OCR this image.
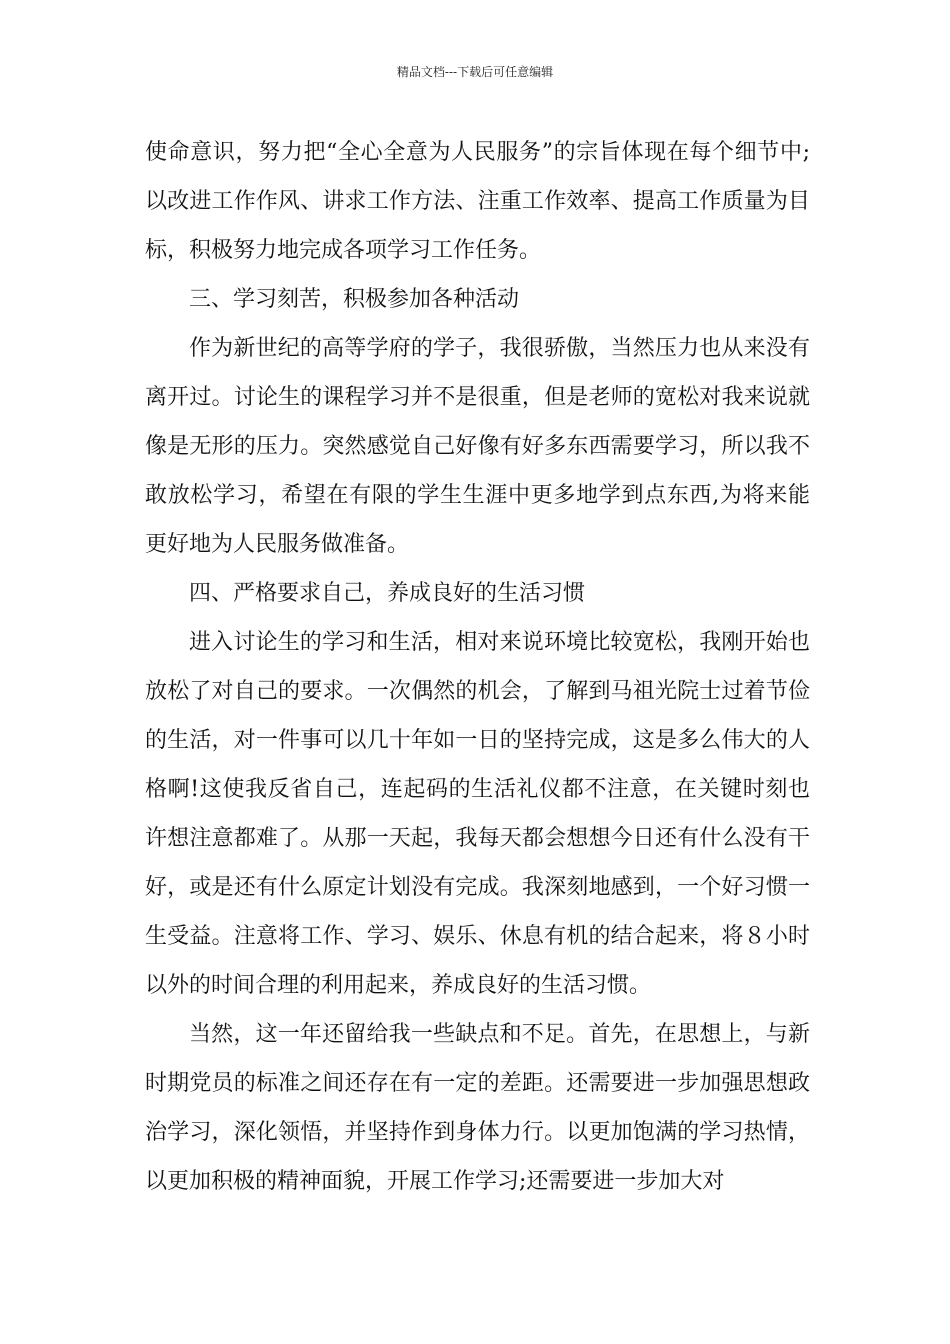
精品文档---下载后可任意编辑

使命意识，努力把“全心全意为人民服务”的宗旨体现在每个细节中;以改进工作作风、讲求工作方法、注重工作效率、提高工作质量为目标，积极努力地完成各项学习工作任务。

三、学习刻苦，积极参加各种活动

作为新世纪的高等学府的学子，我很骄傲，当然压力也从来没有离开过。讨论生的课程学习并不是很重，但是老师的宽松对我来说就像是无形的压力。突然感觉自己好像有好多东西需要学习，所以我不敢放松学习，希望在有限的学生生涯中更多地学到点东西,为将来能更好地为人民服务做准备。

四、严格要求自己，养成良好的生活习惯

进入讨论生的学习和生活，相对来说环境比较宽松，我刚开始也放松了对自己的要求。一次偶然的机会，了解到马祖光院士过着节俭的生活，对一件事可以几十年如一日的坚持完成，这是多么伟大的人格啊!这使我反省自己，连起码的生活礼仪都不注意，在关键时刻也许想注意都难了。从那一天起，我每天都会想想今日还有什么没有干好，或是还有什么原定计划没有完成。我深刻地感到，一个好习惯一生受益。注意将工作、学习、娱乐、休息有机的结合起来，将８小时以外的时间合理的利用起来，养成良好的生活习惯。

当然，这一年还留给我一些缺点和不足。首先，在思想上，与新时期党员的标准之间还存在有一定的差距。还需要进一步加强思想政治学习，深化领悟，并坚持作到身体力行。以更加饱满的学习热情，以更加积极的精神面貌，开展工作学习;还需要进一步加大对
